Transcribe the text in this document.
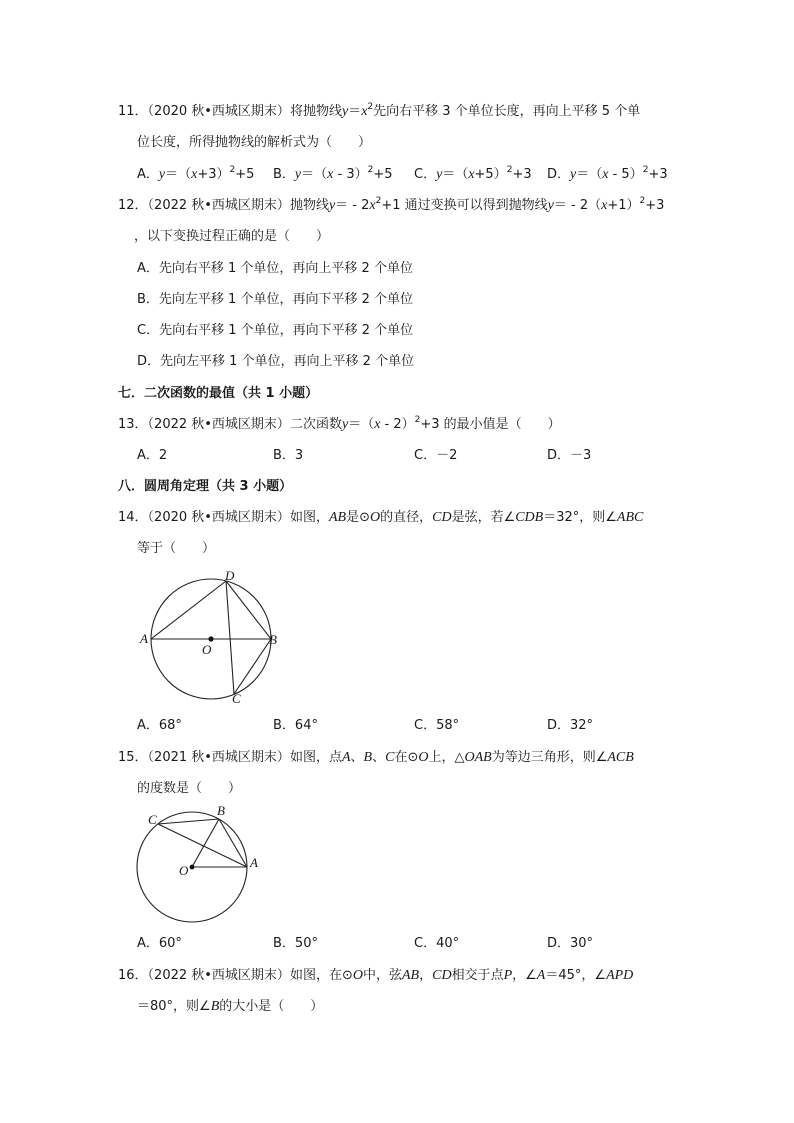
11．（2020 秋•西城区期末）将抛物线$y=x^2$先向右平移 3 个单位长度，再向上平移 5 个单
位长度，所得抛物线的解析式为（　　）
A．$y=(x+3)^2+5$ B．y＝（x - 3）$^2$+5 C．$y=(x+5)^2+3$ D．y＝（x - 5）$^2$+3
12．（2022 秋•西城区期末）抛物线$y= - 2x^2+1$ 通过变换可以得到抛物线$y= - 2(x+1)^2+3$
，以下变换过程正确的是（　　）
A．先向右平移 1 个单位，再向上平移 2 个单位
B．先向左平移 1 个单位，再向下平移 2 个单位
C．先向右平移 1 个单位，再向下平移 2 个单位
D．先向左平移 1 个单位，再向上平移 2 个单位
七．二次函数的最值（共 1 小题）
13．（2022 秋•西城区期末）二次函数y＝（x - 2）$^2$+3 的最小值是（　　）
A．2	B．3	C．－2	D．－3
八．圆周角定理（共 3 小题）
14．（2020 秋•西城区期末）如图，AB是⊙O的直径，CD是弦，若∠CDB＝32°，则∠ABC
等于（　　）
A	B
D
C
O
A．68°	B．64°	C．58°	D．32°
15．（2021 秋•西城区期末）如图，点A、B、C在⊙O上，△OAB为等边三角形，则∠ACB
的度数是（　　）
C
B
A
O
A．60°	B．50°	C．40°	D．30°
16．（2022 秋•西城区期末）如图，在⊙O中，弦AB，CD相交于点P，∠A＝45°，∠APD
＝80°，则∠B的大小是（　　）
